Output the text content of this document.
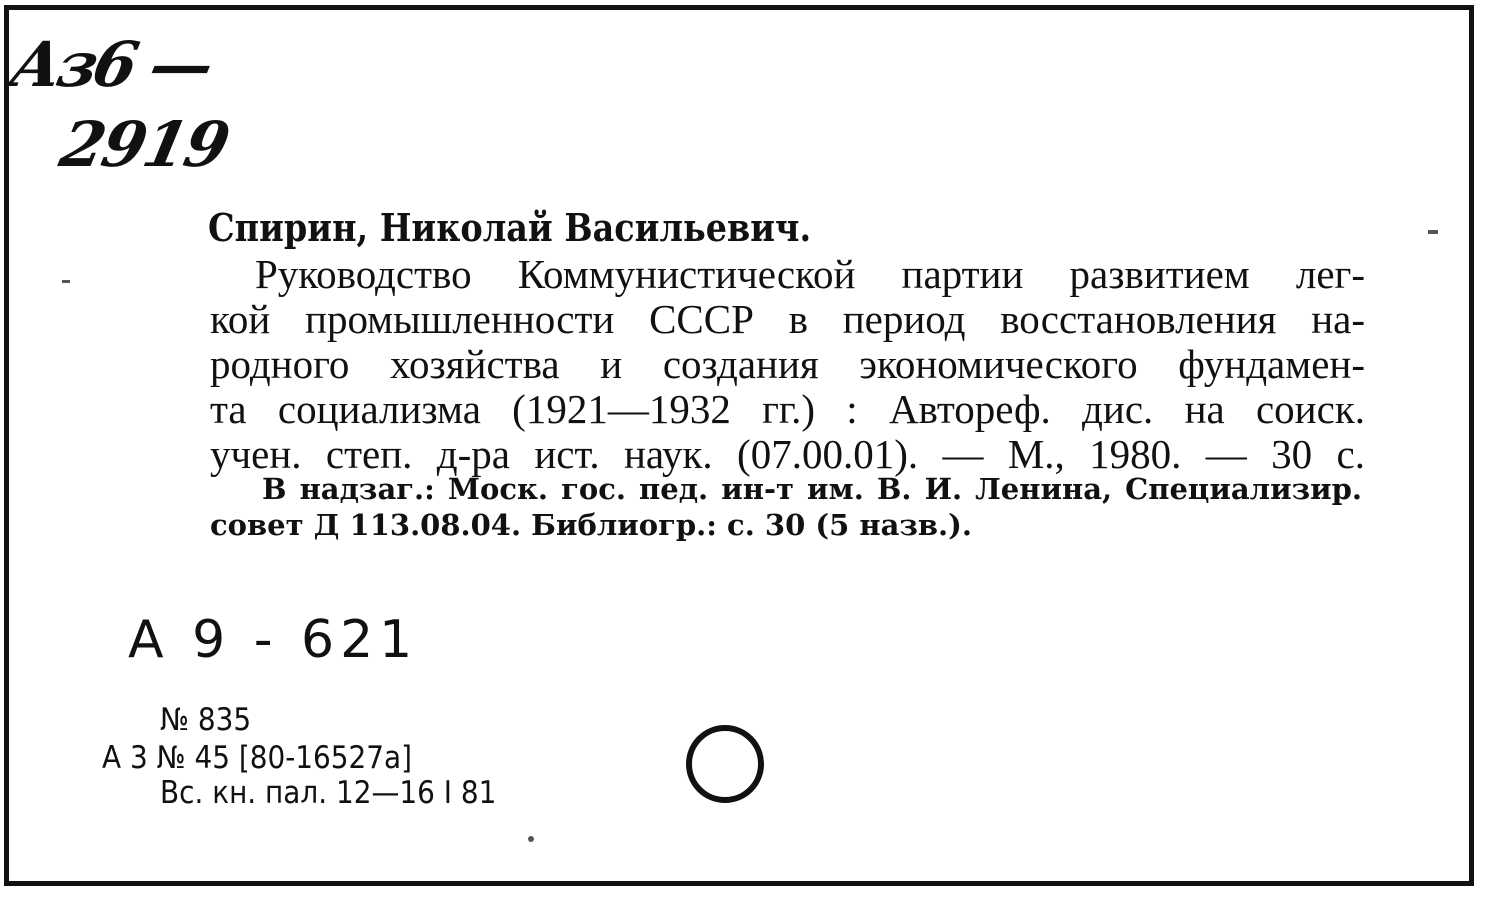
Аз6 —
2919
Спирин, Николай Васильевич.
Руководство Коммунистической партии развитием лег-
кой промышленности СССР в период восстановления на-
родного хозяйства и создания экономического фундамен-
та социализма (1921—1932 гг.) : Автореф. дис. на соиск.
учен. степ. д-ра ист. наук. (07.00.01). — М., 1980. — 30 с.
В надзаг.: Моск. гос. пед. ин-т им. В. И. Ленина, Специализир.
совет Д 113.08.04. Библиогр.: с. 30 (5 назв.).
А 9 - 621
№ 835
А 3 № 45 [80-16527а]
Вс. кн. пал. 12—16 I 81
